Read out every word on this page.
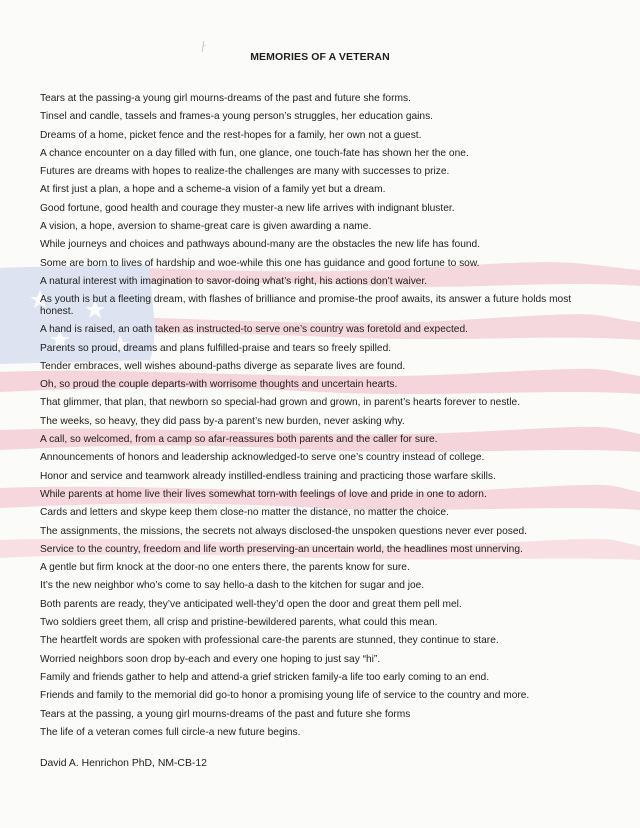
MEMORIES OF A VETERAN
Tears at the passing-a young girl mourns-dreams of the past and future she forms.
Tinsel and candle, tassels and frames-a young person’s struggles, her education gains.
Dreams of a home, picket fence and the rest-hopes for a family, her own not a guest.
A chance encounter on a day filled with fun, one glance, one touch-fate has shown her the one.
Futures are dreams with hopes to realize-the challenges are many with successes to prize.
At first just a plan, a hope and a scheme-a vision of a family yet but a dream.
Good fortune, good health and courage they muster-a new life arrives with indignant bluster.
A vision, a hope, aversion to shame-great care is given awarding a name.
While journeys and choices and pathways abound-many are the obstacles the new life has found.
Some are born to lives of hardship and woe-while this one has guidance and good fortune to sow.
A natural interest with imagination to savor-doing what’s right, his actions don’t waiver.
As youth is but a fleeting dream, with flashes of brilliance and promise-the proof awaits, its answer a future holds most honest.
A hand is raised, an oath taken as instructed-to serve one’s country was foretold and expected.
Parents so proud, dreams and plans fulfilled-praise and tears so freely spilled.
Tender embraces, well wishes abound-paths diverge as separate lives are found.
Oh, so proud the couple departs-with worrisome thoughts and uncertain hearts.
That glimmer, that plan, that newborn so special-had grown and grown, in parent’s hearts forever to nestle.
The weeks, so heavy, they did pass by-a parent’s new burden, never asking why.
A call, so welcomed, from a camp so afar-reassures both parents and the caller for sure.
Announcements of honors and leadership acknowledged-to serve one’s country instead of college.
Honor and service and teamwork already instilled-endless training and practicing those warfare skills.
While parents at home live their lives somewhat torn-with feelings of love and pride in one to adorn.
Cards and letters and skype keep them close-no matter the distance, no matter the choice.
The assignments, the missions, the secrets not always disclosed-the unspoken questions never ever posed.
Service to the country, freedom and life worth preserving-an uncertain world, the headlines most unnerving.
A gentle but firm knock at the door-no one enters there, the parents know for sure.
It’s the new neighbor who’s come to say hello-a dash to the kitchen for sugar and joe.
Both parents are ready, they’ve anticipated well-they’d open the door and great them pell mel.
Two soldiers greet them, all crisp and pristine-bewildered parents, what could this mean.
The heartfelt words are spoken with professional care-the parents are stunned, they continue to stare.
Worried neighbors soon drop by-each and every one hoping to just say “hi”.
Family and friends gather to help and attend-a grief stricken family-a life too early coming to an end.
Friends and family to the memorial did go-to honor a promising young life of service to the country and more.
Tears at the passing, a young girl mourns-dreams of the past and future she forms
The life of a veteran comes full circle-a new future begins.

David A. Henrichon PhD, NM-CB-12
